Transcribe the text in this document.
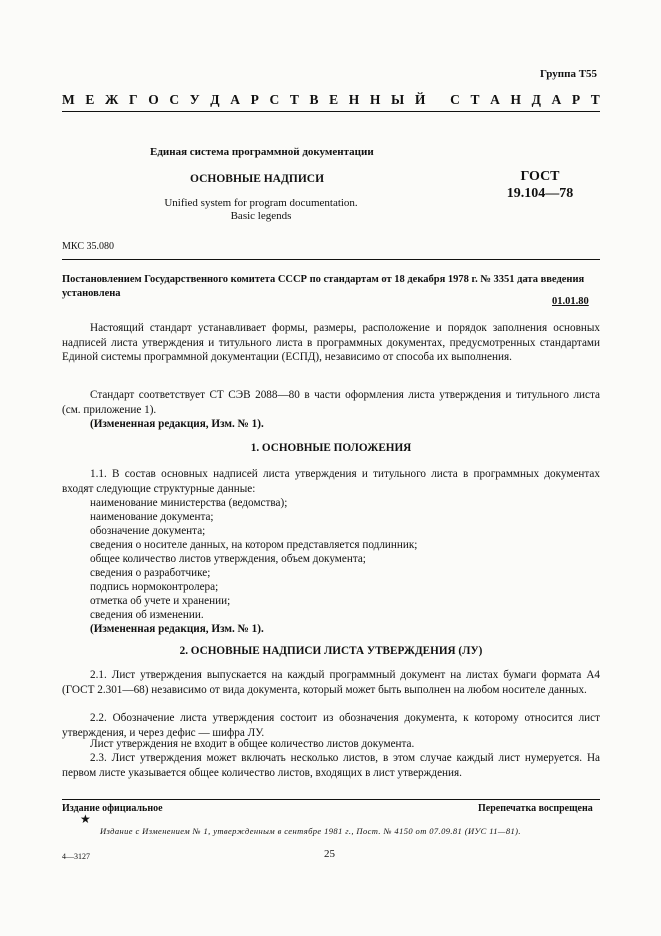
Группа Т55
М Е Ж Г О С У Д А Р С Т В Е Н Н Ы Й
С Т А Н Д А Р Т
Единая система программной документации
ОСНОВНЫЕ НАДПИСИ	ГОСТ
19.104—78
Unified system for program documentation.
Basic legends
МКС 35.080
Постановлением Государственного комитета СССР по стандартам от 18 декабря 1978 г. № 3351 дата введения установлена
01.01.80
Настоящий стандарт устанавливает формы, размеры, расположение и порядок заполнения основных надписей листа утверждения и титульного листа в программных документах, предусмотренных стандартами Единой системы программной документации (ЕСПД), независимо от способа их выполнения.
Стандарт соответствует СТ СЭВ 2088—80 в части оформления листа утверждения и титульного листа (см. приложение 1).
(Измененная редакция, Изм. № 1).
1. ОСНОВНЫЕ ПОЛОЖЕНИЯ
1.1. В состав основных надписей листа утверждения и титульного листа в программных документах входят следующие структурные данные:
наименование министерства (ведомства);
наименование документа;
обозначение документа;
сведения о носителе данных, на котором представляется подлинник;
общее количество листов утверждения, объем документа;
сведения о разработчике;
подпись нормоконтролера;
отметка об учете и хранении;
сведения об изменении.
(Измененная редакция, Изм. № 1).
2. ОСНОВНЫЕ НАДПИСИ ЛИСТА УТВЕРЖДЕНИЯ (ЛУ)
2.1. Лист утверждения выпускается на каждый программный документ на листах бумаги формата А4 (ГОСТ 2.301—68) независимо от вида документа, который может быть выполнен на любом носителе данных.
2.2. Обозначение листа утверждения состоит из обозначения документа, к которому относится лист утверждения, и через дефис — шифра ЛУ.
Лист утверждения не входит в общее количество листов документа.
2.3. Лист утверждения может включать несколько листов, в этом случае каждый лист нумеруется. На первом листе указывается общее количество листов, входящих в лист утверждения.
Издание официальное	Перепечатка воспрещена
★
Издание с Изменением № 1, утвержденным в сентябре 1981 г., Пост. № 4150 от 07.09.81 (ИУС 11—81).
4—3127	25
